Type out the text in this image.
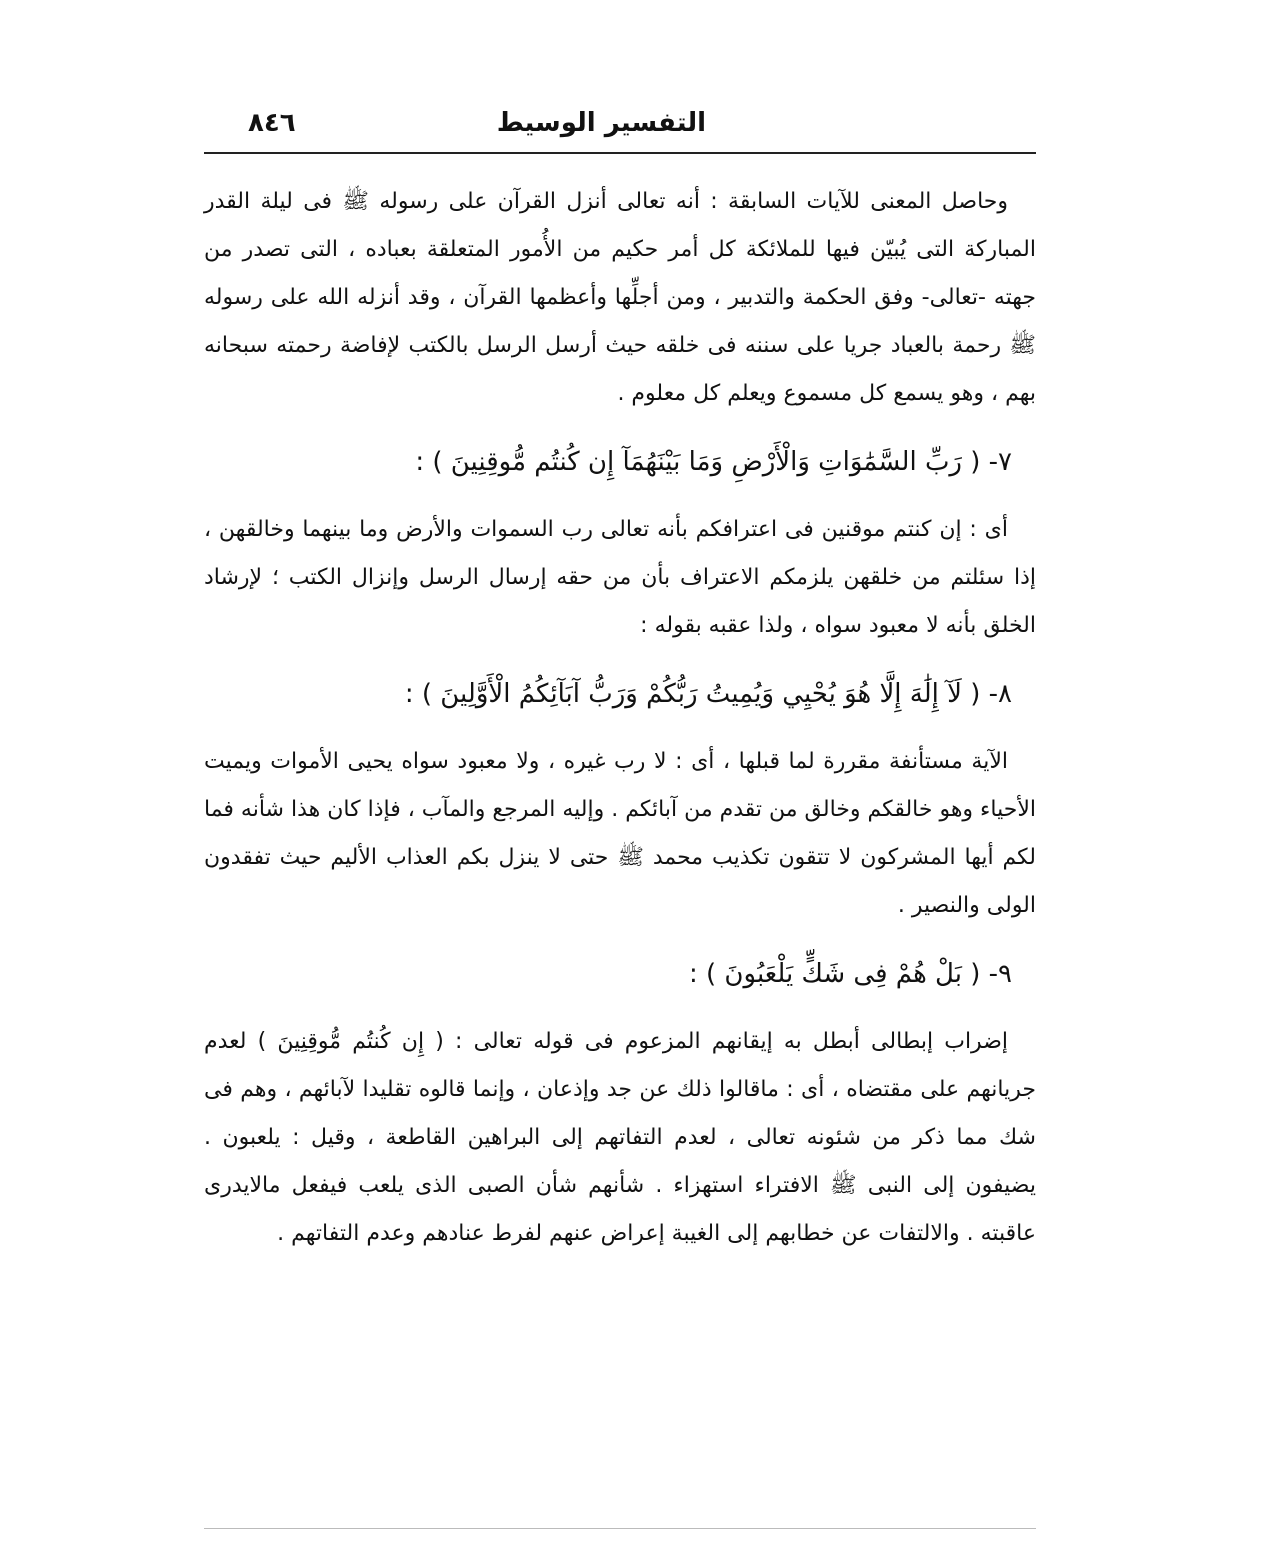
٨٤٦	التفسير الوسيط

وحاصل المعنى للآيات السابقة : أنه تعالى أنزل القرآن على رسوله ﷺ فى ليلة القدر المباركة التى يُبيّن فيها للملائكة كل أمر حكيم من الأُمور المتعلقة بعباده ، التى تصدر من جهته -تعالى- وفق الحكمة والتدبير ، ومن أجلِّها وأعظمها القرآن ، وقد أنزله الله على رسوله ﷺ رحمة بالعباد جريا على سننه فى خلقه حيث أرسل الرسل بالكتب لإفاضة رحمته سبحانه بهم ، وهو يسمع كل مسموع ويعلم كل معلوم .

٧- ( رَبِّ السَّمَٰوَاتِ وَالْأَرْضِ وَمَا بَيْنَهُمَآ إِن كُنتُم مُّوقِنِينَ ) :

أى : إن كنتم موقنين فى اعترافكم بأنه تعالى رب السموات والأرض وما بينهما وخالقهن ، إذا سئلتم من خلقهن يلزمكم الاعتراف بأن من حقه إرسال الرسل وإنزال الكتب ؛ لإرشاد الخلق بأنه لا معبود سواه ، ولذا عقبه بقوله :

٨- ( لَآ إِلَٰهَ إِلَّا هُوَ يُحْيِي وَيُمِيتُ رَبُّكُمْ وَرَبُّ آبَآئِكُمُ الْأَوَّلِينَ ) :

الآية مستأنفة مقررة لما قبلها ، أى : لا رب غيره ، ولا معبود سواه يحيى الأموات ويميت الأحياء وهو خالقكم وخالق من تقدم من آبائكم . وإليه المرجع والمآب ، فإذا كان هذا شأنه فما لكم أيها المشركون لا تتقون تكذيب محمد ﷺ حتى لا ينزل بكم العذاب الأليم حيث تفقدون الولى والنصير .

٩- ( بَلْ هُمْ فِى شَكٍّ يَلْعَبُونَ ) :

إضراب إبطالى أبطل به إيقانهم المزعوم فى قوله تعالى : ( إِن كُنتُم مُّوقِنِينَ ) لعدم جريانهم على مقتضاه ، أى : ماقالوا ذلك عن جد وإذعان ، وإنما قالوه تقليدا لآبائهم ، وهم فى شك مما ذكر من شئونه تعالى ، لعدم التفاتهم إلى البراهين القاطعة ، وقيل : يلعبون . يضيفون إلى النبى ﷺ الافتراء استهزاء . شأنهم شأن الصبى الذى يلعب فيفعل مالايدرى عاقبته . والالتفات عن خطابهم إلى الغيبة إعراض عنهم لفرط عنادهم وعدم التفاتهم .
